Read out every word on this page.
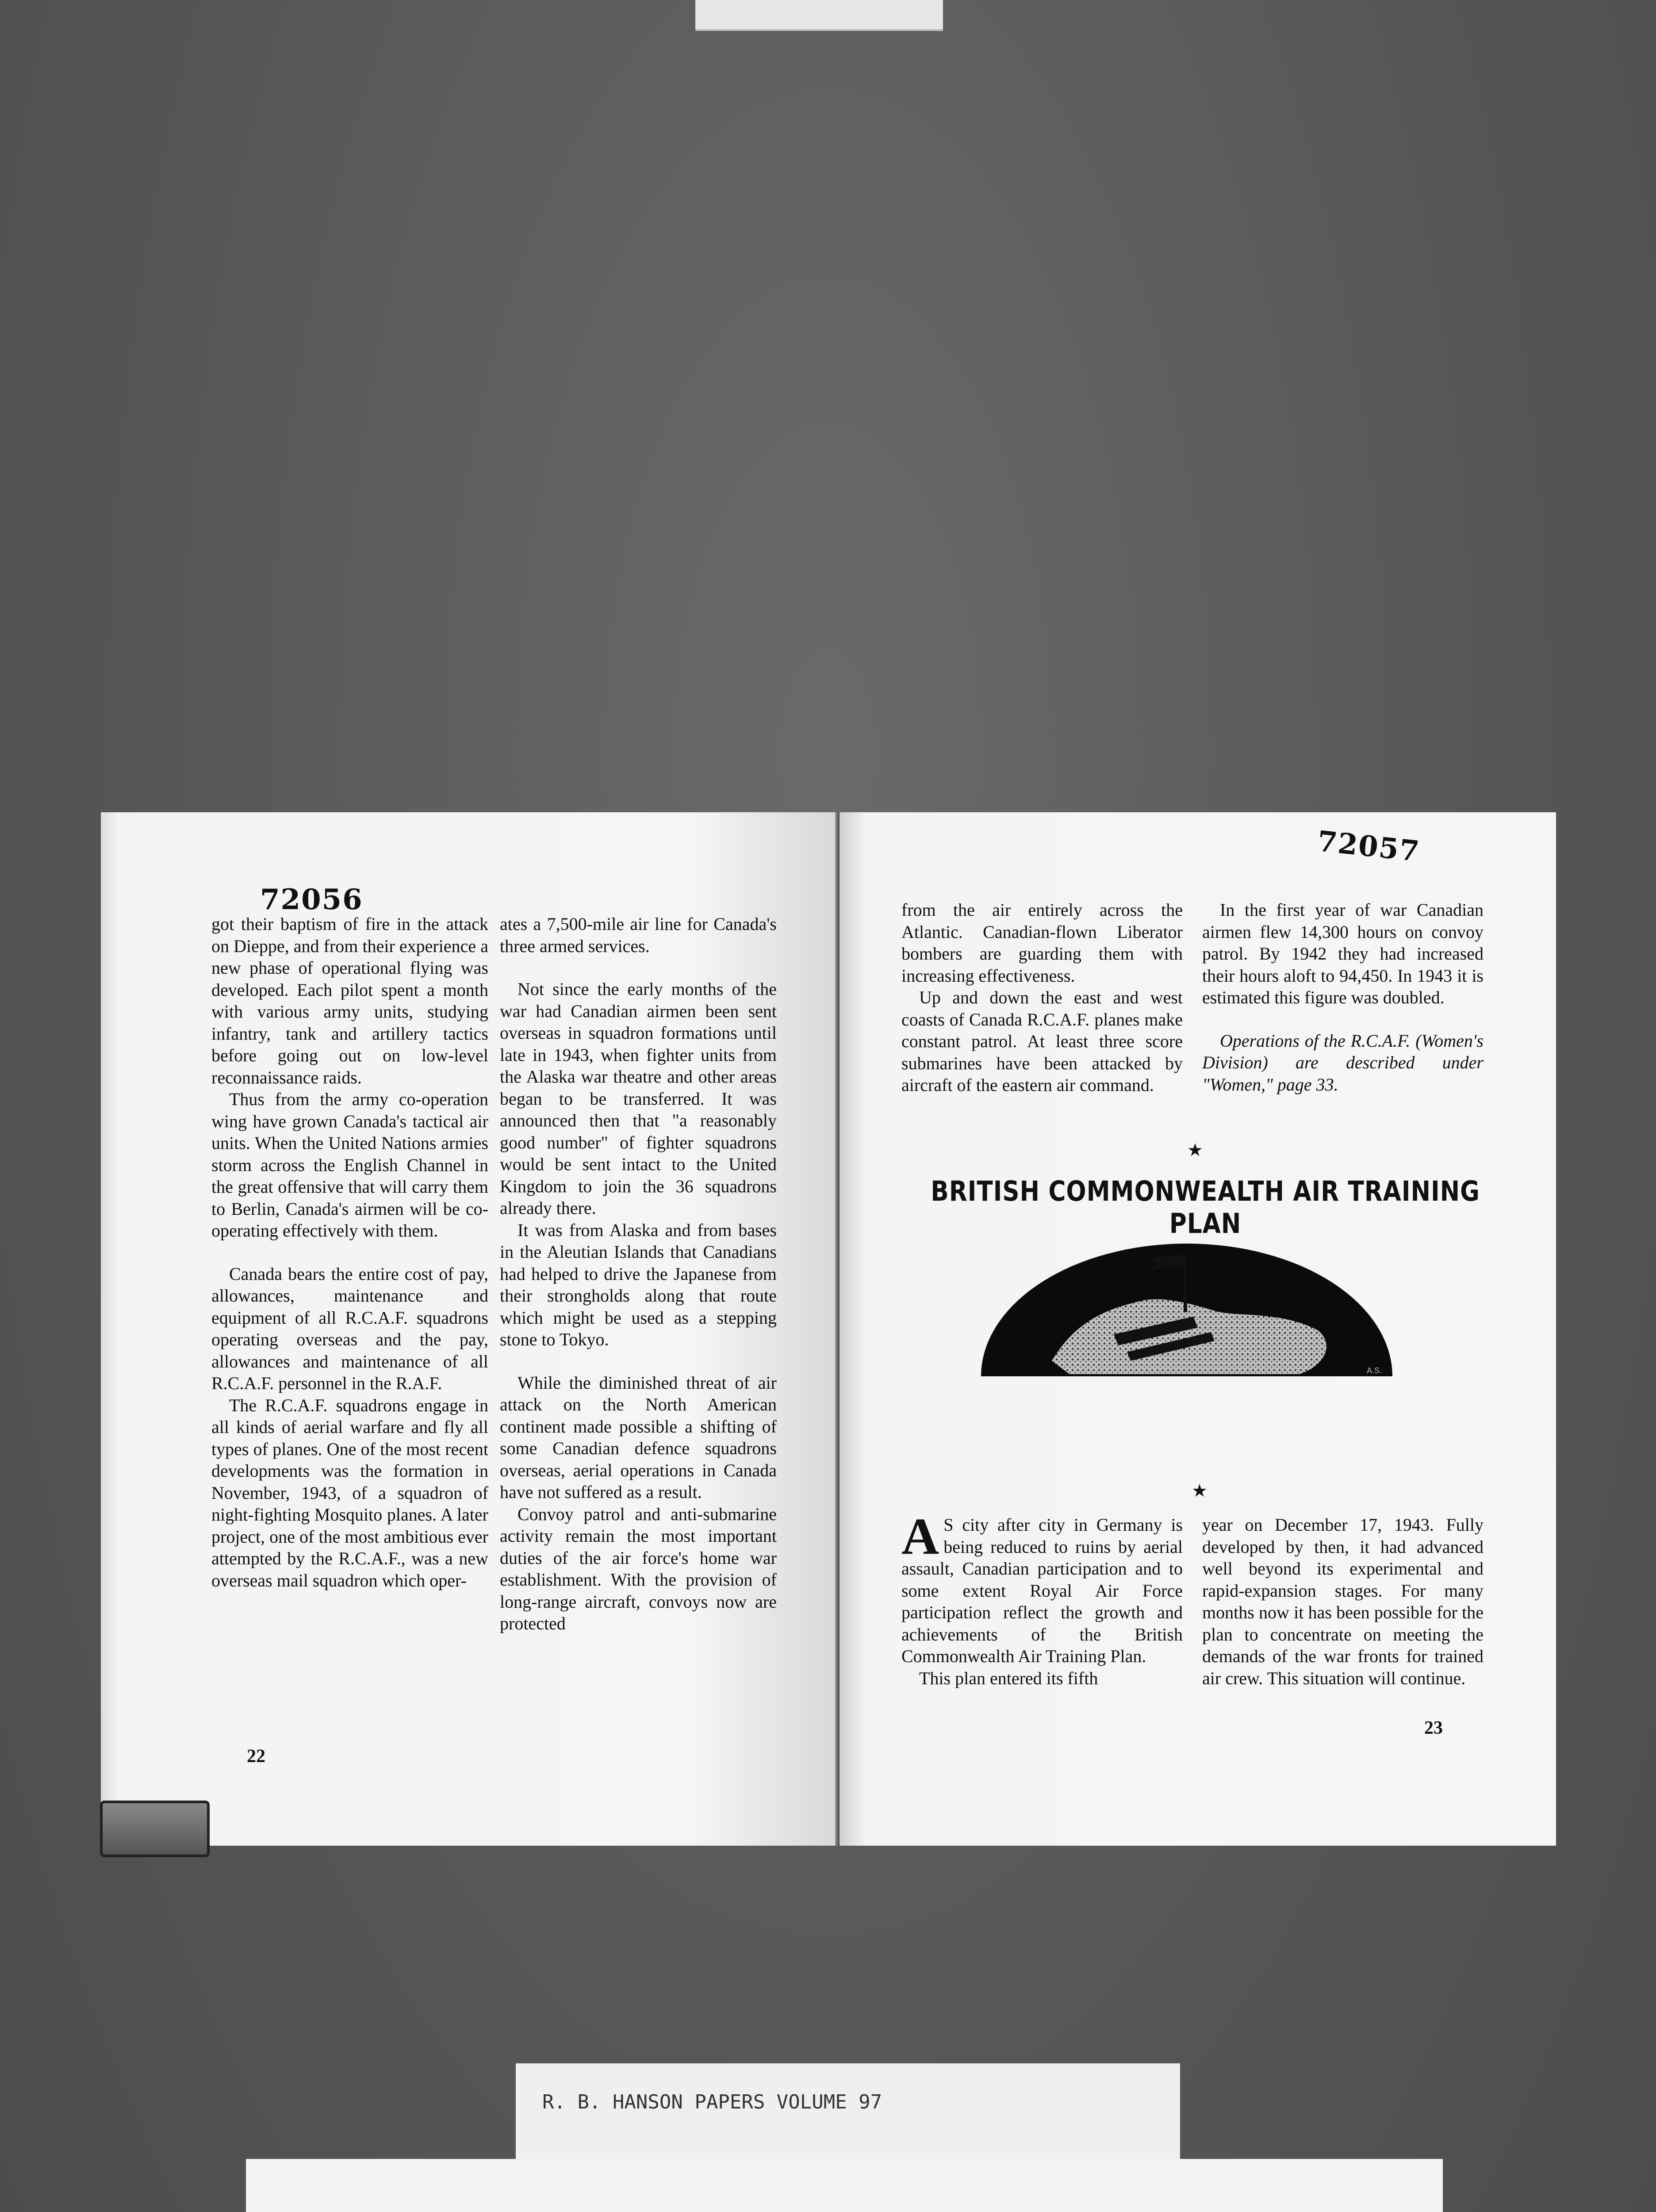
72056

got their baptism of fire in the attack on Dieppe, and from their experience a new phase of operational flying was developed. Each pilot spent a month with various army units, studying infantry, tank and artillery tactics before going out on low-level reconnaissance raids.

Thus from the army co-operation wing have grown Canada's tactical air units. When the United Nations armies storm across the English Channel in the great offensive that will carry them to Berlin, Canada's airmen will be co-operating effectively with them.

Canada bears the entire cost of pay, allowances, maintenance and equipment of all R.C.A.F. squadrons operating overseas and the pay, allowances and maintenance of all R.C.A.F. personnel in the R.A.F.

The R.C.A.F. squadrons engage in all kinds of aerial warfare and fly all types of planes. One of the most recent developments was the formation in November, 1943, of a squadron of night-fighting Mosquito planes. A later project, one of the most ambitious ever attempted by the R.C.A.F., was a new overseas mail squadron which oper-

ates a 7,500-mile air line for Canada's three armed services.

Not since the early months of the war had Canadian airmen been sent overseas in squadron formations until late in 1943, when fighter units from the Alaska war theatre and other areas began to be transferred. It was announced then that "a reasonably good number" of fighter squadrons would be sent intact to the United Kingdom to join the 36 squadrons already there.

It was from Alaska and from bases in the Aleutian Islands that Canadians had helped to drive the Japanese from their strongholds along that route which might be used as a stepping stone to Tokyo.

While the diminished threat of air attack on the North American continent made possible a shifting of some Canadian defence squadrons overseas, aerial operations in Canada have not suffered as a result.

Convoy patrol and anti-submarine activity remain the most important duties of the air force's home war establishment. With the provision of long-range aircraft, convoys now are protected

22
72057

from the air entirely across the Atlantic. Canadian-flown Liberator bombers are guarding them with increasing effectiveness.

Up and down the east and west coasts of Canada R.C.A.F. planes make constant patrol. At least three score submarines have been attacked by aircraft of the eastern air command.

In the first year of war Canadian airmen flew 14,300 hours on convoy patrol. By 1942 they had increased their hours aloft to 94,450. In 1943 it is estimated this figure was doubled.

Operations of the R.C.A.F. (Women's Division) are described under "Women," page 33.

★
BRITISH COMMONWEALTH AIR TRAINING PLAN
A.S.
★
A S city after city in Germany is being reduced to ruins by aerial assault, Canadian participation and to some extent Royal Air Force participation reflect the growth and achievements of the British Commonwealth Air Training Plan.

This plan entered its fifth

year on December 17, 1943. Fully developed by then, it had advanced well beyond its experimental and rapid-expansion stages. For many months now it has been possible for the plan to concentrate on meeting the demands of the war fronts for trained air crew. This situation will continue.

23
R. B. HANSON PAPERS VOLUME 97
